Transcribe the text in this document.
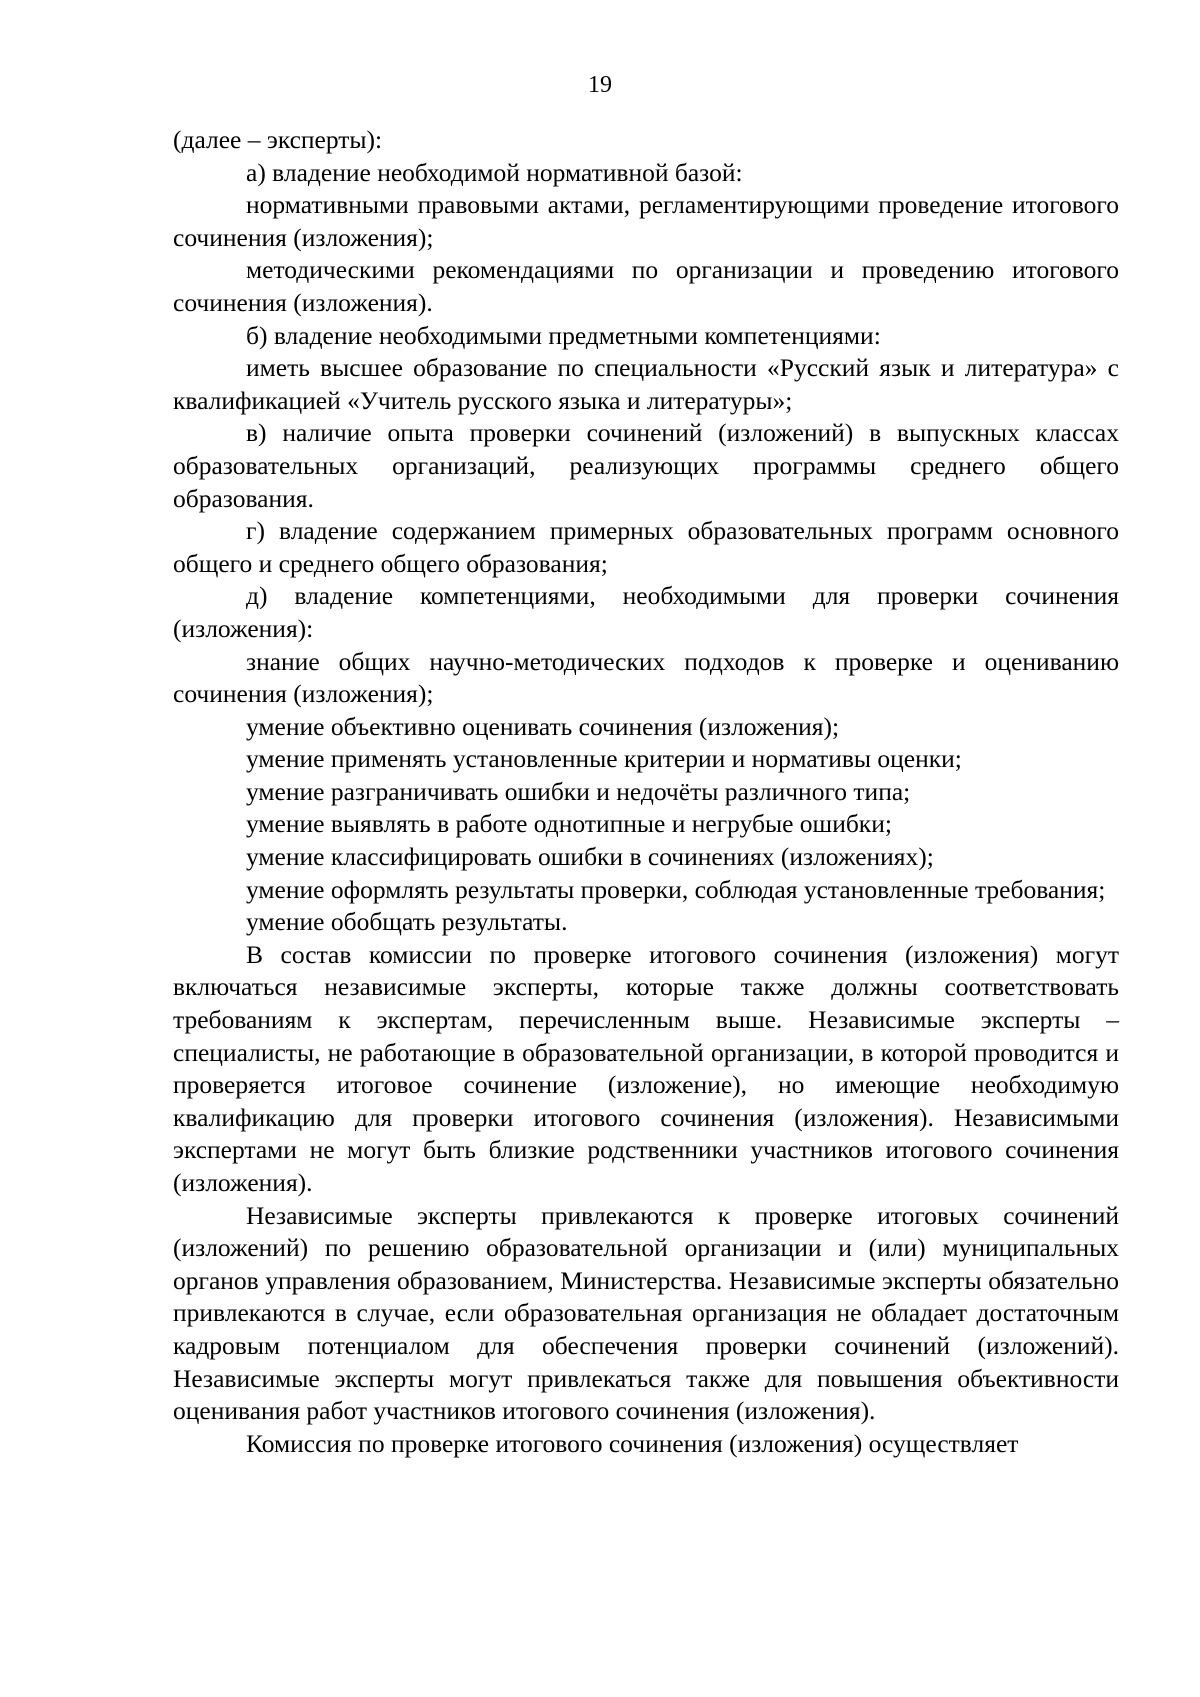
19

(далее – эксперты):

а) владение необходимой нормативной базой:

нормативными правовыми актами, регламентирующими проведение итогового сочинения (изложения);

методическими рекомендациями по организации и проведению итогового сочинения (изложения).

б) владение необходимыми предметными компетенциями:

иметь высшее образование по специальности «Русский язык и литература» с квалификацией «Учитель русского языка и литературы»;

в) наличие опыта проверки сочинений (изложений) в выпускных классах образовательных организаций, реализующих программы среднего общего образования.

г) владение содержанием примерных образовательных программ основного общего и среднего общего образования;

д) владение компетенциями, необходимыми для проверки сочинения (изложения):

знание общих научно-методических подходов к проверке и оцениванию сочинения (изложения);

умение объективно оценивать сочинения (изложения);

умение применять установленные критерии и нормативы оценки;

умение разграничивать ошибки и недочёты различного типа;

умение выявлять в работе однотипные и негрубые ошибки;

умение классифицировать ошибки в сочинениях (изложениях);

умение оформлять результаты проверки, соблюдая установленные требования;

умение обобщать результаты.

В состав комиссии по проверке итогового сочинения (изложения) могут включаться независимые эксперты, которые также должны соответствовать требованиям к экспертам, перечисленным выше. Независимые эксперты – специалисты, не работающие в образовательной организации, в которой проводится и проверяется итоговое сочинение (изложение), но имеющие необходимую квалификацию для проверки итогового сочинения (изложения). Независимыми экспертами не могут быть близкие родственники участников итогового сочинения (изложения).

Независимые эксперты привлекаются к проверке итоговых сочинений (изложений) по решению образовательной организации и (или) муниципальных органов управления образованием, Министерства. Независимые эксперты обязательно привлекаются в случае, если образовательная организация не обладает достаточным кадровым потенциалом для обеспечения проверки сочинений (изложений). Независимые эксперты могут привлекаться также для повышения объективности оценивания работ участников итогового сочинения (изложения).

Комиссия по проверке итогового сочинения (изложения) осуществляет
